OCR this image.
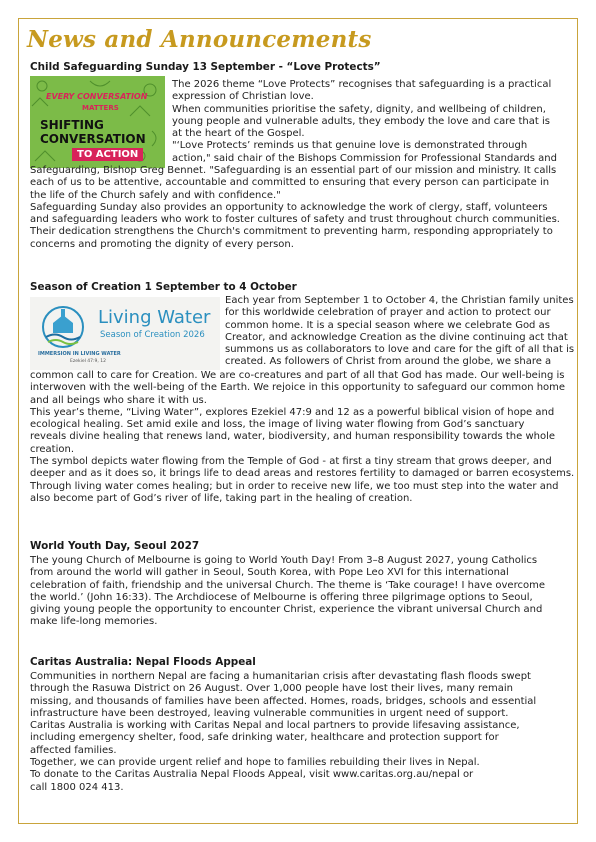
News and Announcements
Child Safeguarding Sunday 13 September - “Love Protects”
EVERY CONVERSATION
MATTERS
SHIFTING
CONVERSATION
TO ACTION

The 2026 theme “Love Protects” recognises that safeguarding is a practical

expression of Christian love.

When communities prioritise the safety, dignity, and wellbeing of children,

young people and vulnerable adults, they embody the love and care that is

at the heart of the Gospel.

"‘Love Protects’ reminds us that genuine love is demonstrated through

action," said chair of the Bishops Commission for Professional Standards and

Safeguarding, Bishop Greg Bennet. "Safeguarding is an essential part of our mission and ministry. It calls

each of us to be attentive, accountable and committed to ensuring that every person can participate in

the life of the Church safely and with confidence."

Safeguarding Sunday also provides an opportunity to acknowledge the work of clergy, staff, volunteers

and safeguarding leaders who work to foster cultures of safety and trust throughout church communities.

Their dedication strengthens the Church's commitment to preventing harm, responding appropriately to

concerns and promoting the dignity of every person.

Season of Creation 1 September to 4 October
Living Water
Season of Creation 2026
IMMERSION IN LIVING WATER
Ezekiel 47:9, 12

Each year from September 1 to October 4, the Christian family unites

for this worldwide celebration of prayer and action to protect our

common home. It is a special season where we celebrate God as

Creator, and acknowledge Creation as the divine continuing act that

summons us as collaborators to love and care for the gift of all that is

created. As followers of Christ from around the globe, we share a

common call to care for Creation. We are co-creatures and part of all that God has made. Our well-being is

interwoven with the well-being of the Earth. We rejoice in this opportunity to safeguard our common home

and all beings who share it with us.

This year’s theme, “Living Water”, explores Ezekiel 47:9 and 12 as a powerful biblical vision of hope and

ecological healing. Set amid exile and loss, the image of living water flowing from God’s sanctuary

reveals divine healing that renews land, water, biodiversity, and human responsibility towards the whole

creation.

The symbol depicts water flowing from the Temple of God - at first a tiny stream that grows deeper, and

deeper and as it does so, it brings life to dead areas and restores fertility to damaged or barren ecosystems.

Through living water comes healing; but in order to receive new life, we too must step into the water and

also become part of God’s river of life, taking part in the healing of creation.

World Youth Day, Seoul 2027

The young Church of Melbourne is going to World Youth Day! From 3–8 August 2027, young Catholics

from around the world will gather in Seoul, South Korea, with Pope Leo XVI for this international

celebration of faith, friendship and the universal Church. The theme is ‘Take courage! I have overcome

the world.’ (John 16:33). The Archdiocese of Melbourne is offering three pilgrimage options to Seoul,

giving young people the opportunity to encounter Christ, experience the vibrant universal Church and

make life-long memories.

Caritas Australia: Nepal Floods Appeal

Communities in northern Nepal are facing a humanitarian crisis after devastating flash floods swept

through the Rasuwa District on 26 August. Over 1,000 people have lost their lives, many remain

missing, and thousands of families have been affected. Homes, roads, bridges, schools and essential

infrastructure have been destroyed, leaving vulnerable communities in urgent need of support.

Caritas Australia is working with Caritas Nepal and local partners to provide lifesaving assistance,

including emergency shelter, food, safe drinking water, healthcare and protection support for

affected families.

Together, we can provide urgent relief and hope to families rebuilding their lives in Nepal.

To donate to the Caritas Australia Nepal Floods Appeal, visit www.caritas.org.au/nepal or

call 1800 024 413.
